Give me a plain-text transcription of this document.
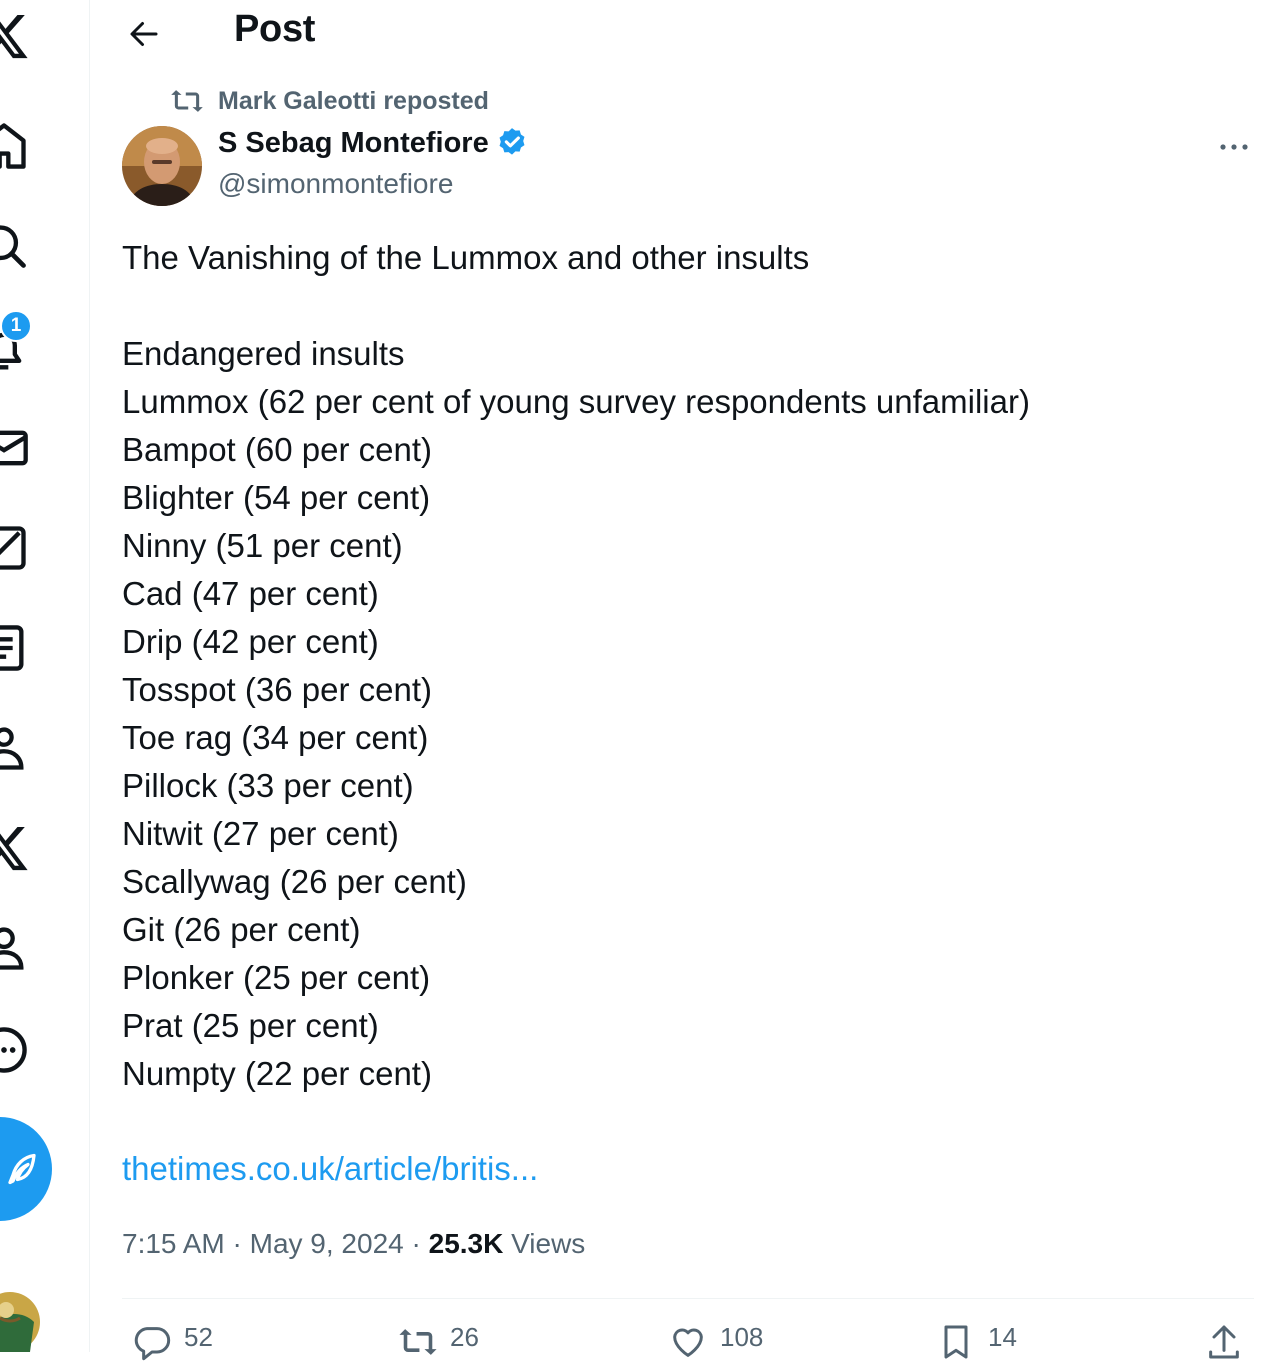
1
Post
Mark Galeotti reposted
S Sebag Montefiore
@simonmontefiore
The Vanishing of the Lummox and other insults
Endangered insults
Lummox (62 per cent of young survey respondents unfamiliar)
Bampot (60 per cent)
Blighter (54 per cent)
Ninny (51 per cent)
Cad (47 per cent)
Drip (42 per cent)
Tosspot (36 per cent)
Toe rag (34 per cent)
Pillock (33 per cent)
Nitwit (27 per cent)
Scallywag (26 per cent)
Git (26 per cent)
Plonker (25 per cent)
Prat (25 per cent)
Numpty (22 per cent)
thetimes.co.uk/article/britis...
7:15 AM · May 9, 2024 · 25.3K Views
52	26	108	14
